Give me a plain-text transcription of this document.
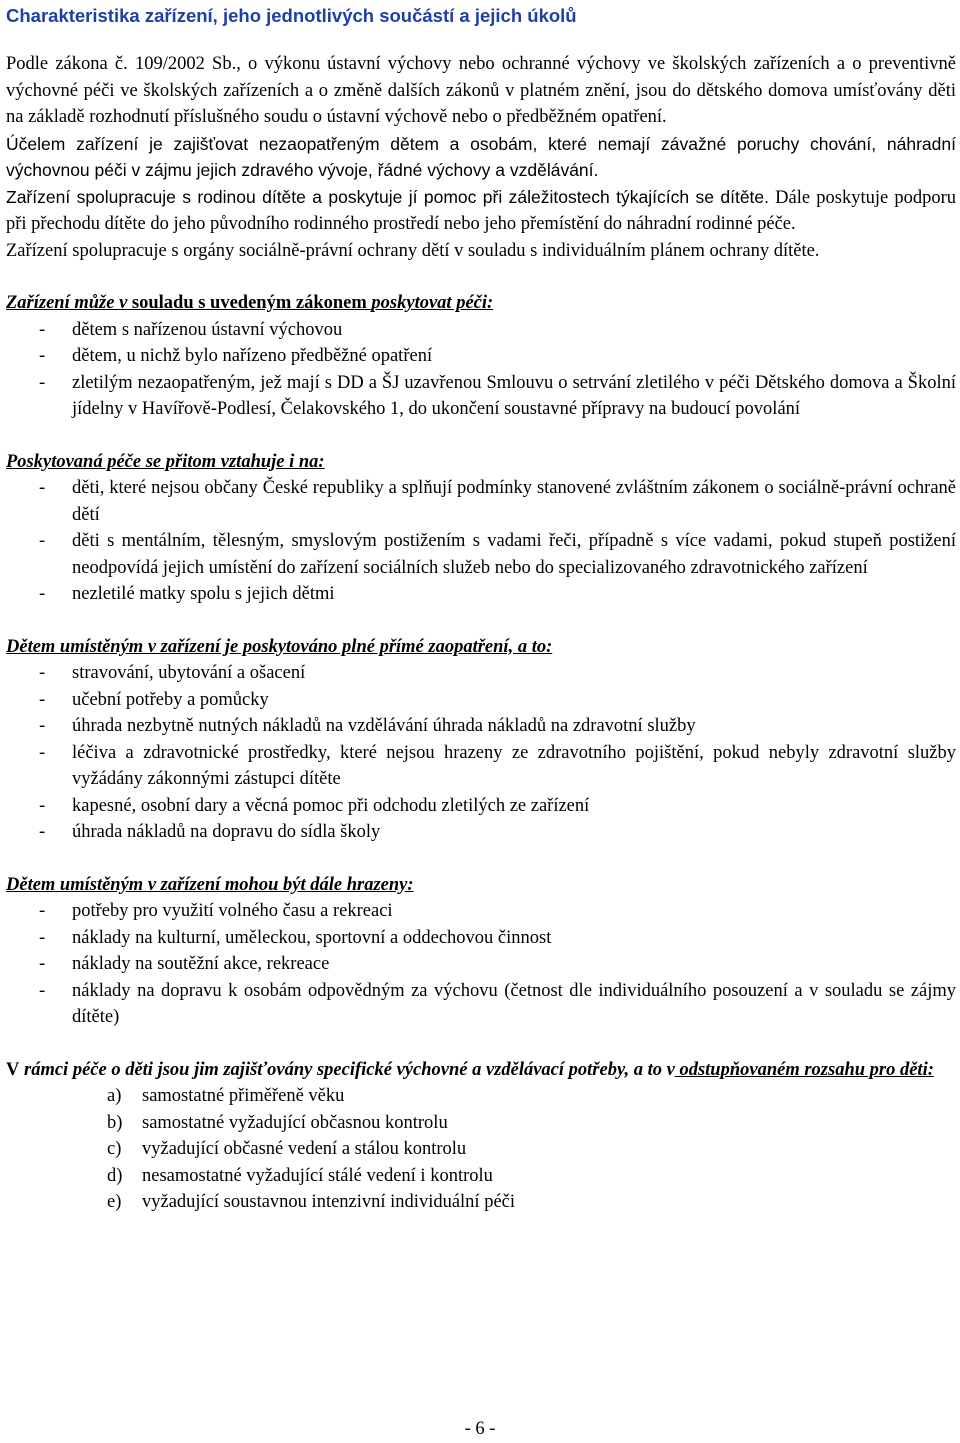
Charakteristika zařízení, jeho jednotlivých součástí a jejich úkolů

Podle zákona č. 109/2002 Sb., o výkonu ústavní výchovy nebo ochranné výchovy ve školských zařízeních a o preventivně výchovné péči ve školských zařízeních a o změně dalších zákonů v platném znění, jsou do dětského domova umísťovány děti na základě rozhodnutí příslušného soudu o ústavní výchově nebo o předběžném opatření.

Účelem zařízení je zajišťovat nezaopatřeným dětem a osobám, které nemají závažné poruchy chování, náhradní výchovnou péči v zájmu jejich zdravého vývoje, řádné výchovy a vzdělávání.

Zařízení spolupracuje s rodinou dítěte a poskytuje jí pomoc při záležitostech týkajících se dítěte. Dále poskytuje podporu při přechodu dítěte do jeho původního rodinného prostředí nebo jeho přemístění do náhradní rodinné péče.

Zařízení spolupracuje s orgány sociálně-právní ochrany dětí v souladu s individuálním plánem ochrany dítěte.

Zařízení může v souladu s uvedeným zákonem poskytovat péči:

- dětem s nařízenou ústavní výchovou
- dětem, u nichž bylo nařízeno předběžné opatření
- zletilým nezaopatřeným, jež mají s DD a ŠJ uzavřenou Smlouvu o setrvání zletilého v péči Dětského domova a Školní jídelny v Havířově-Podlesí, Čelakovského 1, do ukončení soustavné přípravy na budoucí povolání

Poskytovaná péče se přitom vztahuje i na:

- děti, které nejsou občany České republiky a splňují podmínky stanovené zvláštním zákonem o sociálně-právní ochraně dětí
- děti s mentálním, tělesným, smyslovým postižením s vadami řeči, případně s více vadami, pokud stupeň postižení neodpovídá jejich umístění do zařízení sociálních služeb nebo do specializovaného zdravotnického zařízení
- nezletilé matky spolu s jejich dětmi

Dětem umístěným v zařízení je poskytováno plné přímé zaopatření, a to:

- stravování, ubytování a ošacení
- učební potřeby a pomůcky
- úhrada nezbytně nutných nákladů na vzdělávání úhrada nákladů na zdravotní služby
- léčiva a zdravotnické prostředky, které nejsou hrazeny ze zdravotního pojištění, pokud nebyly zdravotní služby vyžádány zákonnými zástupci dítěte
- kapesné, osobní dary a věcná pomoc při odchodu zletilých ze zařízení
- úhrada nákladů na dopravu do sídla školy

Dětem umístěným v zařízení mohou být dále hrazeny:

- potřeby pro využití volného času a rekreaci
- náklady na kulturní, uměleckou, sportovní a oddechovou činnost
- náklady na soutěžní akce, rekreace
- náklady na dopravu k osobám odpovědným za výchovu (četnost dle individuálního posouzení a v souladu se zájmy dítěte)

V rámci péče o děti jsou jim zajišťovány specifické výchovné a vzdělávací potřeby, a to v odstupňovaném rozsahu pro děti:

a) samostatné přiměřeně věku
b) samostatné vyžadující občasnou kontrolu
c) vyžadující občasné vedení a stálou kontrolu
d) nesamostatné vyžadující stálé vedení i kontrolu
e) vyžadující soustavnou intenzivní individuální péči
- 6 -
